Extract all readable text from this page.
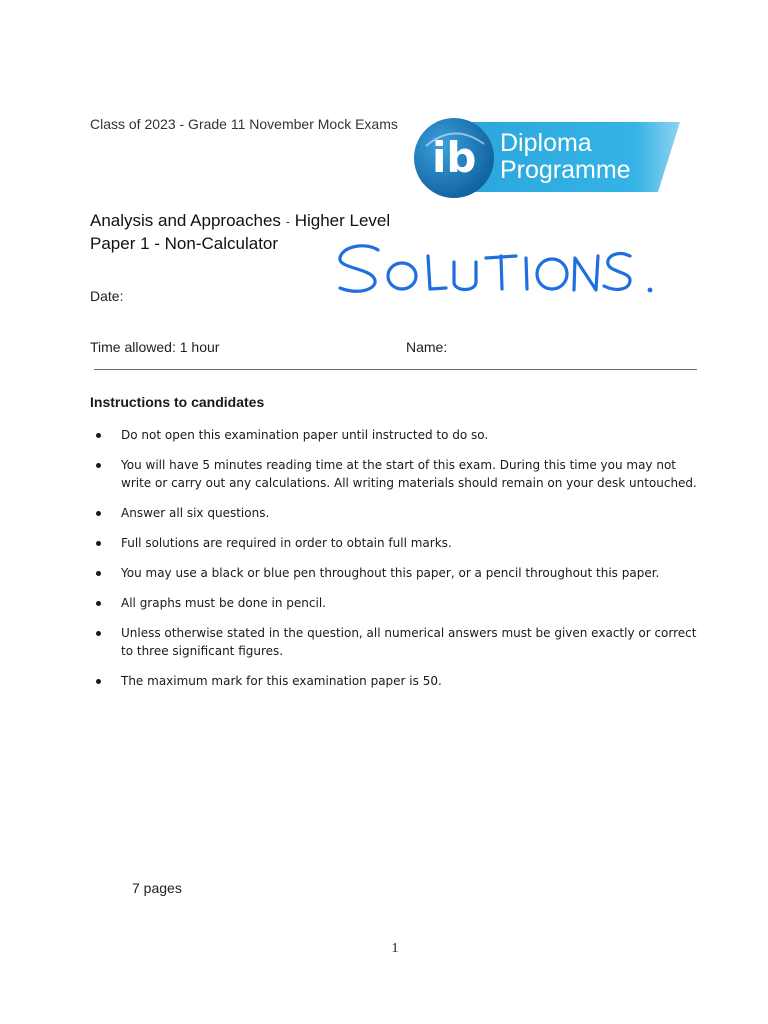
Class of 2023 - Grade 11 November Mock Exams
ib Diploma
Programme
Analysis and Approaches - Higher Level
Paper 1 - Non-Calculator
Date:
Time allowed: 1 hour	Name:
Instructions to candidates
Do not open this examination paper until instructed to do so.
You will have 5 minutes reading time at the start of this exam. During this time you may not write or carry out any calculations. All writing materials should remain on your desk untouched.
Answer all six questions.
Full solutions are required in order to obtain full marks.
You may use a black or blue pen throughout this paper, or a pencil throughout this paper.
All graphs must be done in pencil.
Unless otherwise stated in the question, all numerical answers must be given exactly or correct to three significant figures.
The maximum mark for this examination paper is 50.
7 pages
1
